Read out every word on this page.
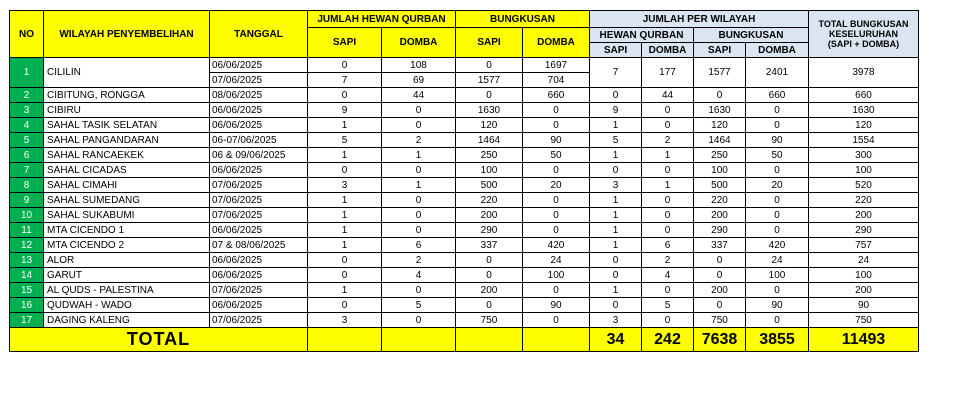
NO	WILAYAH PENYEMBELIHAN	TANGGAL	JUMLAH HEWAN QURBAN		BUNGKUSAN		JUMLAH PER WILAYAH				TOTAL BUNGKUSAN
KESELURUHAN
(SAPI + DOMBA)

			SAPI	DOMBA	SAPI	DOMBA	HEWAN QURBAN		BUNGKUSAN		
							SAPI	DOMBA	SAPI	DOMBA	
1	CILILIN	06/06/2025	0	108	0	1697	7	177	1577	2401	3978
		07/06/2025	7	69	1577	704					
2	CIBITUNG, RONGGA	08/06/2025	0	44	0	660	0	44	0	660	660
3	CIBIRU	06/06/2025	9	0	1630	0	9	0	1630	0	1630
4	SAHAL TASIK SELATAN	06/06/2025	1	0	120	0	1	0	120	0	120
5	SAHAL PANGANDARAN	06-07/06/2025	5	2	1464	90	5	2	1464	90	1554
6	SAHAL RANCAEKEK	06 & 09/06/2025	1	1	250	50	1	1	250	50	300
7	SAHAL CICADAS	06/06/2025	0	0	100	0	0	0	100	0	100
8	SAHAL CIMAHI	07/06/2025	3	1	500	20	3	1	500	20	520
9	SAHAL SUMEDANG	07/06/2025	1	0	220	0	1	0	220	0	220
10	SAHAL SUKABUMI	07/06/2025	1	0	200	0	1	0	200	0	200
11	MTA CICENDO 1	06/06/2025	1	0	290	0	1	0	290	0	290
12	MTA CICENDO 2	07 & 08/06/2025	1	6	337	420	1	6	337	420	757
13	ALOR	06/06/2025	0	2	0	24	0	2	0	24	24
14	GARUT	06/06/2025	0	4	0	100	0	4	0	100	100
15	AL QUDS - PALESTINA	07/06/2025	1	0	200	0	1	0	200	0	200
16	QUDWAH - WADO	06/06/2025	0	5	0	90	0	5	0	90	90
17	DAGING KALENG	07/06/2025	3	0	750	0	3	0	750	0	750
TOTAL							34	242	7638	3855	11493
